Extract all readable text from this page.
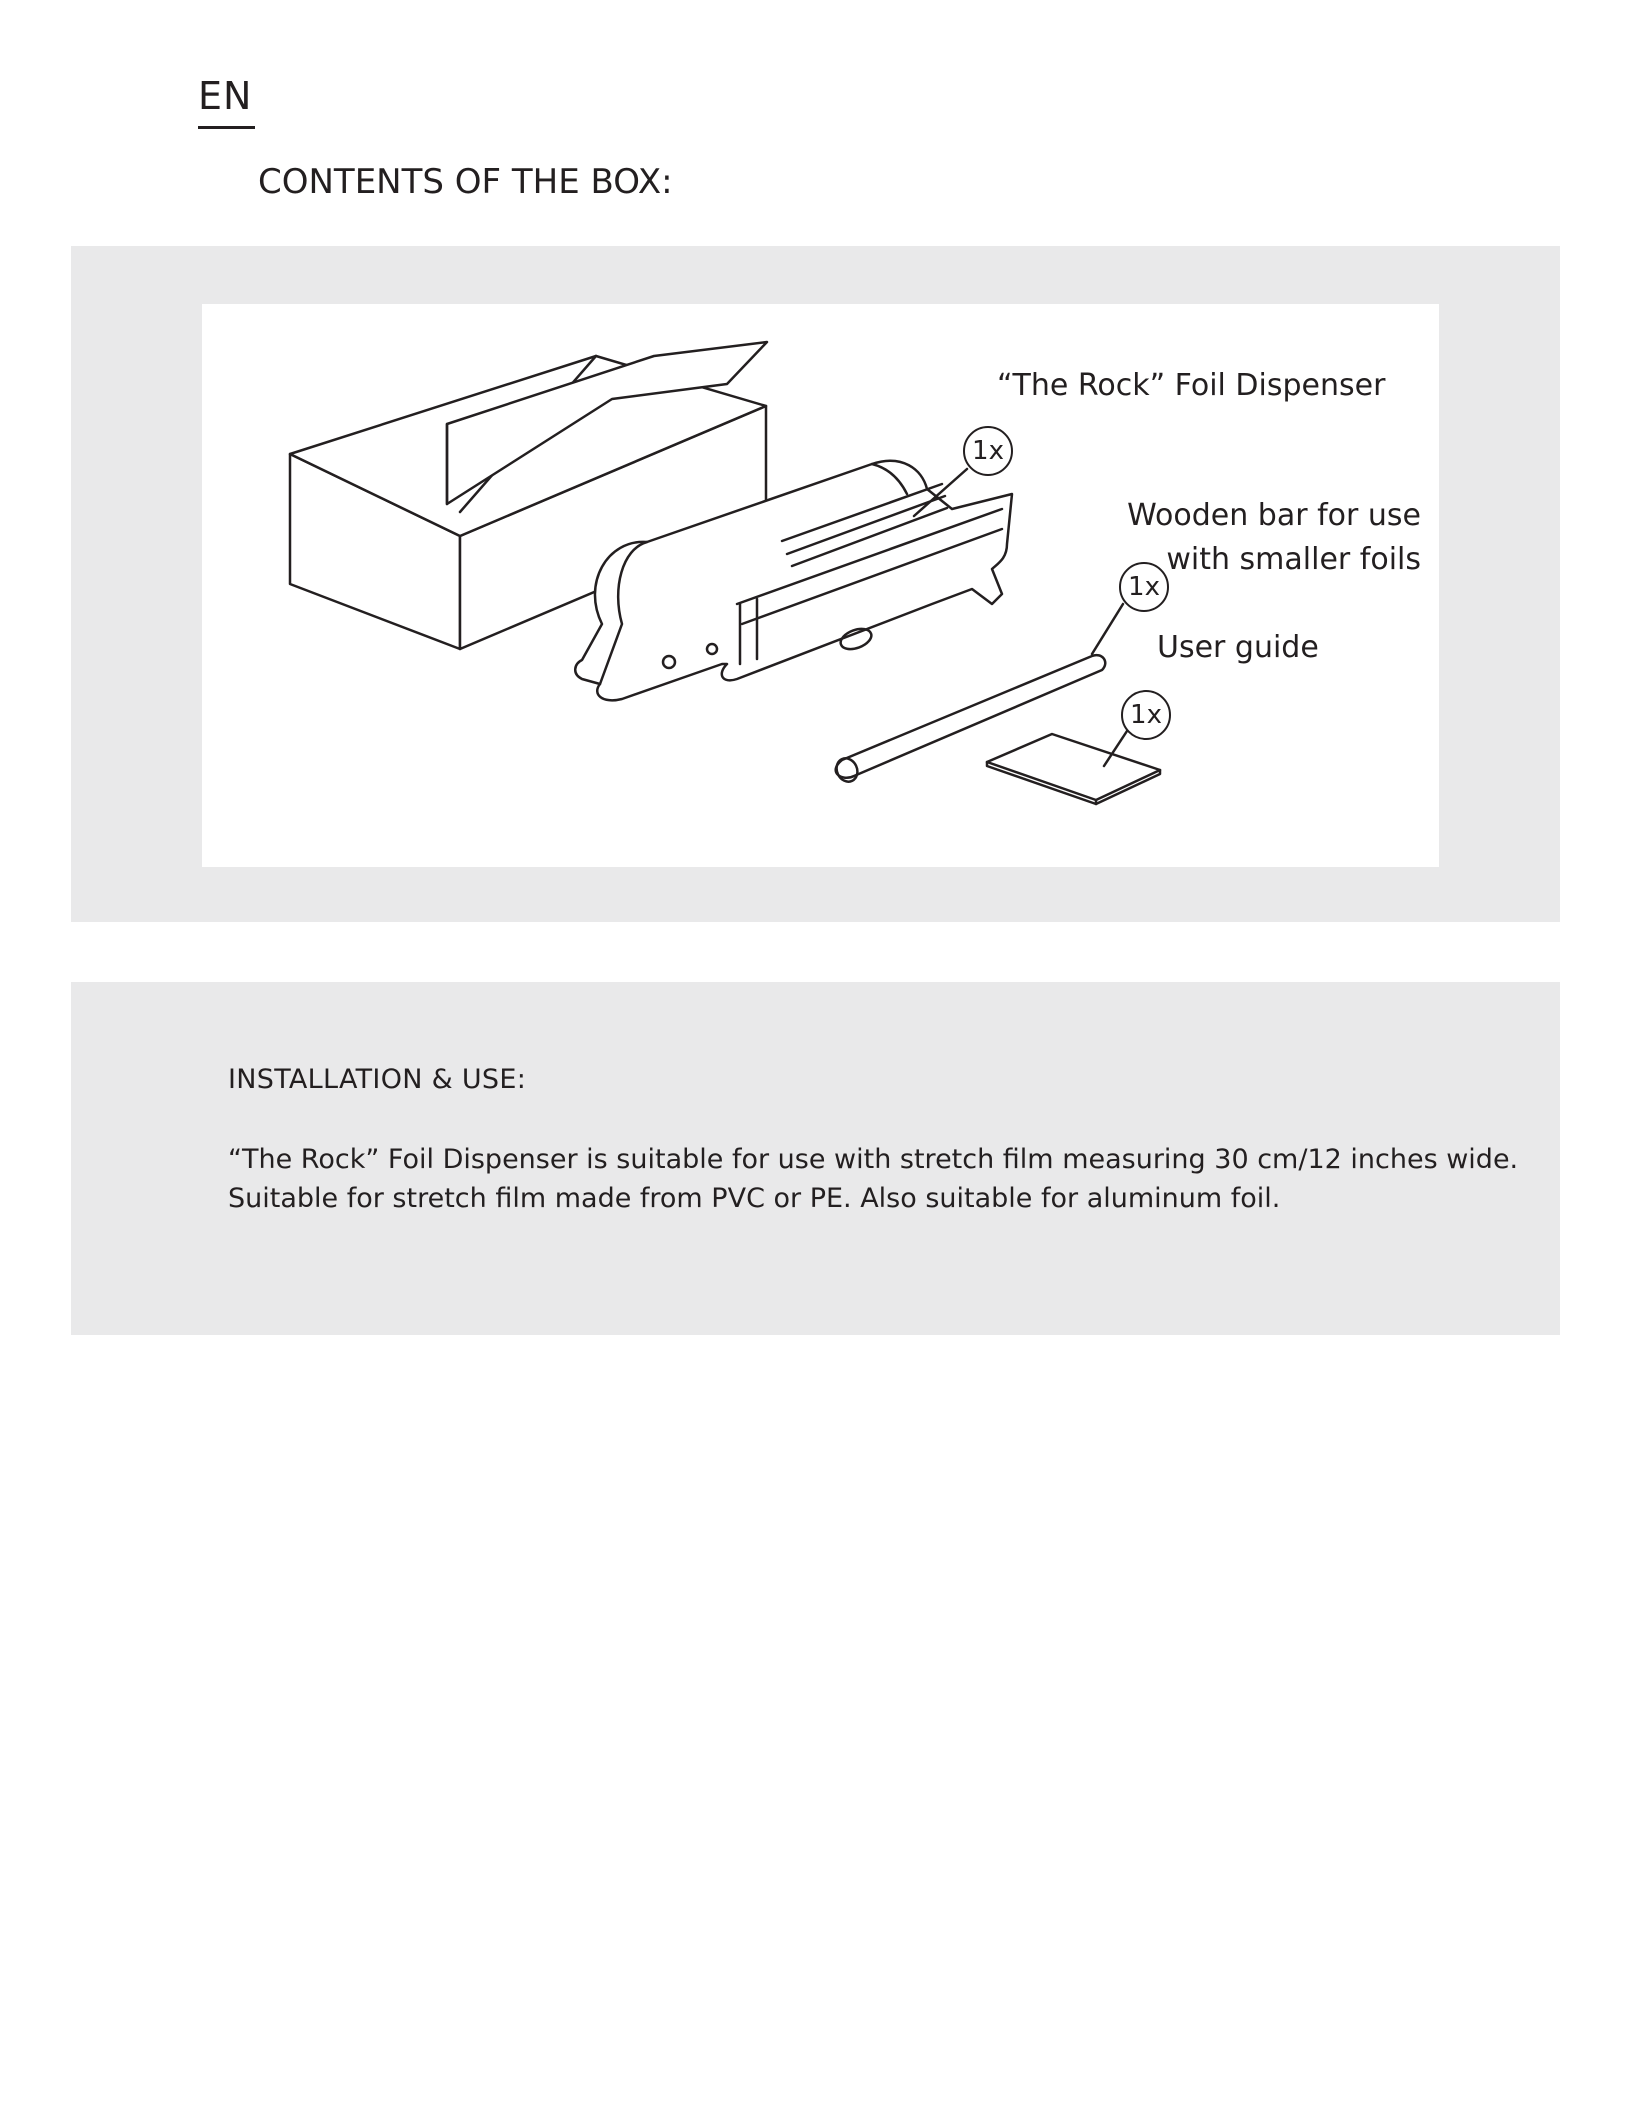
EN
CONTENTS OF THE BOX:
“The Rock” Foil Dispenser
1x
Wooden bar for use
with smaller foils
1x
User guide
1x
INSTALLATION & USE:

“The Rock” Foil Dispenser is suitable for use with stretch film measuring 30 cm/12 inches wide.

Suitable for stretch film made from PVC or PE. Also suitable for aluminum foil.
